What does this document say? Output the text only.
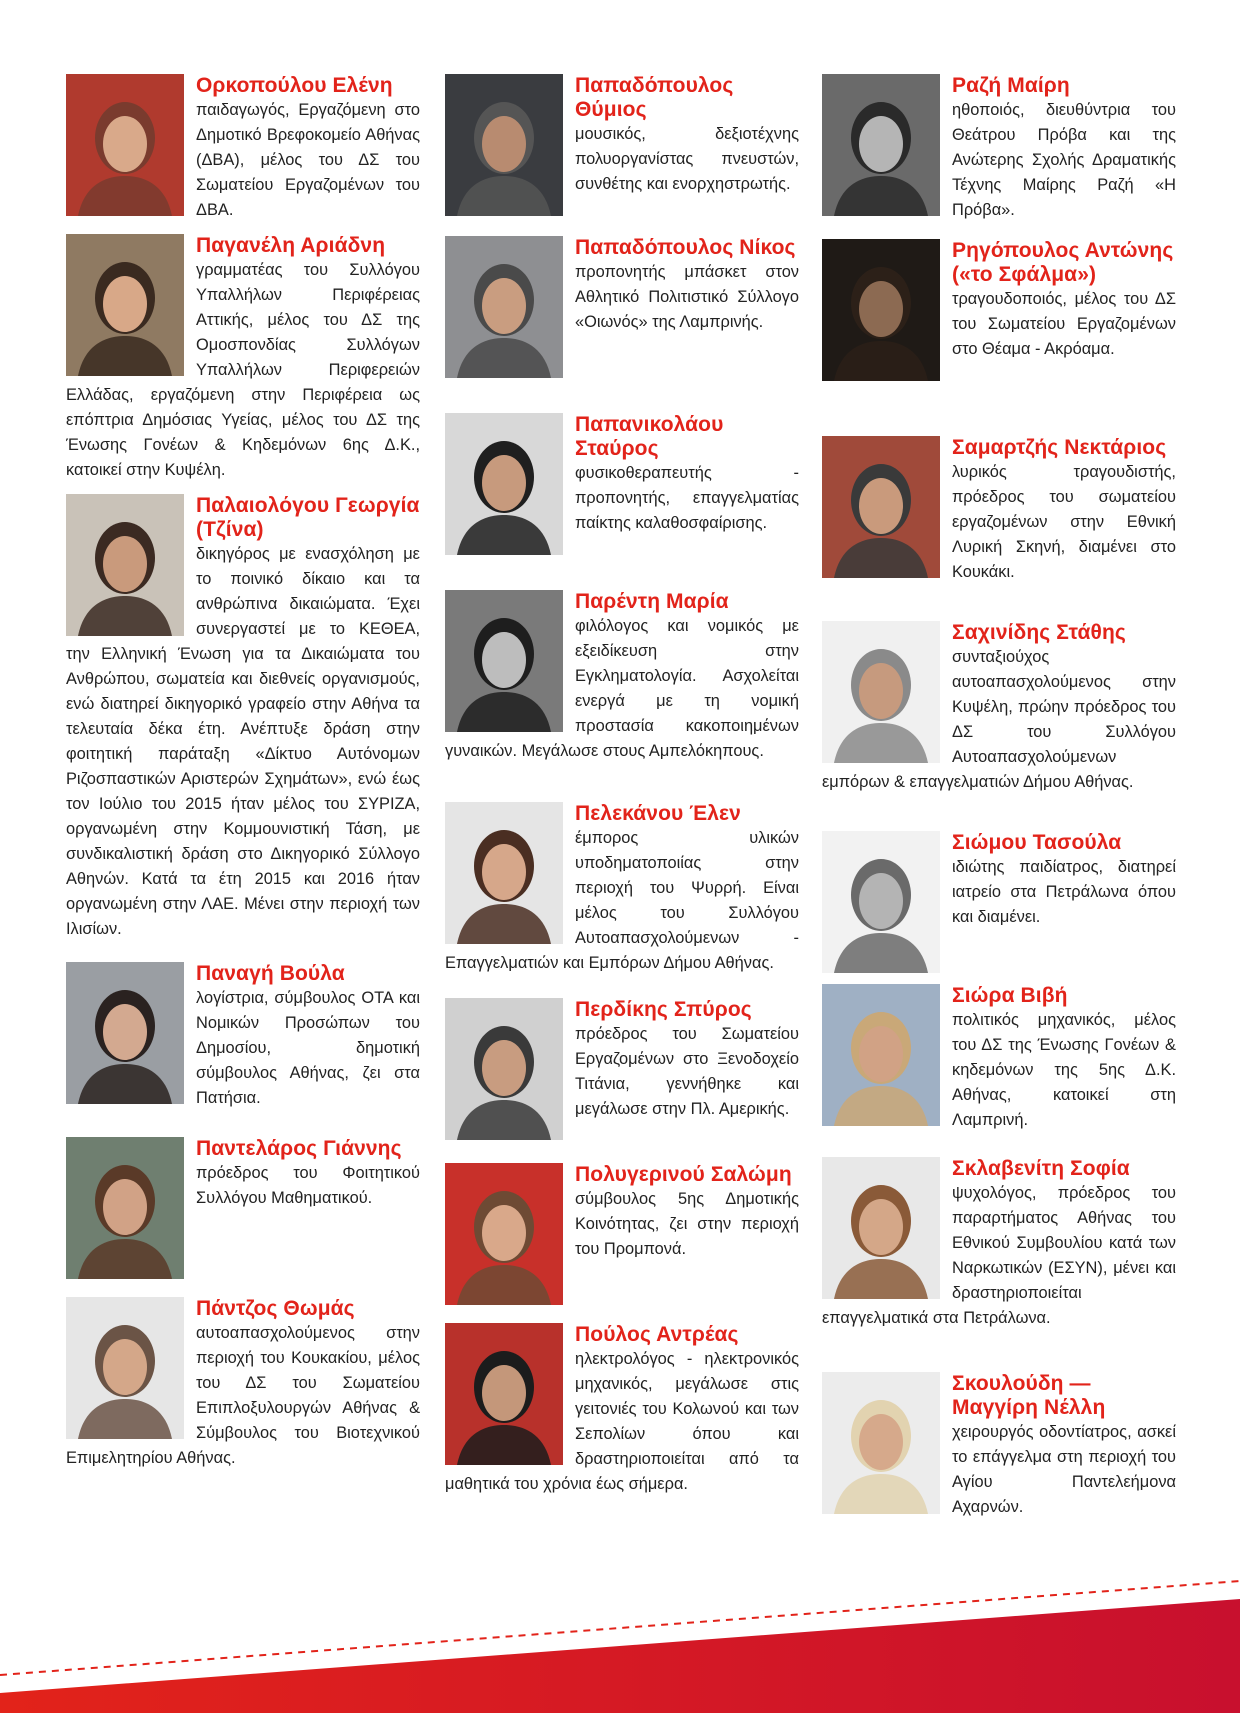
Ορκοπούλου Ελένη
παιδαγωγός, Εργαζόμενη στο Δημοτικό Βρεφοκομείο Αθήνας (ΔΒΑ), μέλος του ΔΣ του Σωματείου Εργαζομένων του ΔΒΑ.
Παγανέλη Αριάδνη
γραμματέας του Συλλόγου Υπαλλήλων Περιφέρειας Αττικής, μέλος του ΔΣ της Ομοσπονδίας Συλλόγων Υπαλλήλων Περιφερειών Ελλάδας, εργαζόμενη στην Περιφέρεια ως επόπτρια Δημόσιας Υγείας, μέλος του ΔΣ της Ένωσης Γονέων & Κηδεμόνων 6ης Δ.Κ., κατοικεί στην Κυψέλη.
Παλαιολόγου Γεωργία (Τζίνα)
δικηγόρος με ενασχόληση με το ποινικό δίκαιο και τα ανθρώπινα δικαιώματα. Έχει συνεργαστεί με το ΚΕΘΕΑ, την Ελληνική Ένωση για τα Δικαιώματα του Ανθρώπου, σωματεία και διεθνείς οργανισμούς, ενώ διατηρεί δικηγορικό γραφείο στην Αθήνα τα τελευταία δέκα έτη. Ανέπτυξε δράση στην φοιτητική παράταξη «Δίκτυο Αυτόνομων Ριζοσπαστικών Αριστερών Σχημάτων», ενώ έως τον Ιούλιο του 2015 ήταν μέλος του ΣΥΡΙΖΑ, οργανωμένη στην Κομμουνιστική Τάση, με συνδικαλιστική δράση στο Δικηγορικό Σύλλογο Αθηνών. Κατά τα έτη 2015 και 2016 ήταν οργανωμένη στην ΛΑΕ. Μένει στην περιοχή των Ιλισίων.
Παναγή Βούλα
λογίστρια, σύμβουλος ΟΤΑ και Νομικών Προσώπων του Δημοσίου, δημοτική σύμβουλος Αθήνας, ζει στα Πατήσια.
Παντελάρος Γιάννης
πρόεδρος του Φοιτητικού Συλλόγου Μαθηματικού.
Πάντζος Θωμάς
αυτοαπασχολούμενος στην περιοχή του Κουκακίου, μέλος του ΔΣ του Σωματείου Επιπλοξυλουργών Αθήνας & Σύμβουλος του Βιοτεχνικού Επιμελητηρίου Αθήνας.
Παπαδόπουλος Θύμιος
μουσικός, δεξιοτέχνης πολυοργανίστας πνευστών, συνθέτης και ενορχηστρωτής.
Παπαδόπουλος Νίκος
προπονητής μπάσκετ στον Αθλητικό Πολιτιστικό Σύλλογο «Οιωνός» της Λαμπρινής.
Παπανικολάου Σταύρος
φυσικοθεραπευτής - προπονητής, επαγγελματίας παίκτης καλαθοσφαίρισης.
Παρέντη Μαρία
φιλόλογος και νομικός με εξειδίκευση στην Εγκληματολογία. Ασχολείται ενεργά με τη νομική προστασία κακοποιημένων γυναικών. Μεγάλωσε στους Αμπελόκηπους.
Πελεκάνου Έλεν
έμπορος υλικών υποδηματοποιίας στην περιοχή του Ψυρρή. Είναι μέλος του Συλλόγου Αυτοαπασχολούμενων - Επαγγελματιών και Εμπόρων Δήμου Αθήνας.
Περδίκης Σπύρος
πρόεδρος του Σωματείου Εργαζομένων στο Ξενοδοχείο Τιτάνια, γεννήθηκε και μεγάλωσε στην Πλ. Αμερικής.
Πολυγερινού Σαλώμη
σύμβουλος 5ης Δημοτικής Κοινότητας, ζει στην περιοχή του Προμπονά.
Πούλος Αντρέας
ηλεκτρολόγος - ηλεκτρονικός μηχανικός, μεγάλωσε στις γειτονιές του Κολωνού και των Σεπολίων όπου και δραστηριοποιείται από τα μαθητικά του χρόνια έως σήμερα.
Ραζή Μαίρη
ηθοποιός, διευθύντρια του Θεάτρου Πρόβα και της Ανώτερης Σχολής Δραματικής Τέχνης Μαίρης Ραζή «Η Πρόβα».
Ρηγόπουλος Αντώνης («το Σφάλμα»)
τραγουδοποιός, μέλος του ΔΣ του Σωματείου Εργαζομένων στο Θέαμα - Ακρόαμα.
Σαμαρτζής Νεκτάριος
λυρικός τραγουδιστής, πρόεδρος του σωματείου εργαζομένων στην Εθνική Λυρική Σκηνή, διαμένει στο Κουκάκι.
Σαχινίδης Στάθης
συνταξιούχος αυτοαπασχολούμενος στην Κυψέλη, πρώην πρόεδρος του ΔΣ του Συλλόγου Αυτοαπασχολούμενων εμπόρων & επαγγελματιών Δήμου Αθήνας.
Σιώμου Τασούλα
ιδιώτης παιδίατρος, διατηρεί ιατρείο στα Πετράλωνα όπου και διαμένει.
Σιώρα Βιβή
πολιτικός μηχανικός, μέλος του ΔΣ της Ένωσης Γονέων & κηδεμόνων της 5ης Δ.Κ. Αθήνας, κατοικεί στη Λαμπρινή.
Σκλαβενίτη Σοφία
ψυχολόγος, πρόεδρος του παραρτήματος Αθήνας του Εθνικού Συμβουλίου κατά των Ναρκωτικών (ΕΣΥΝ), μένει και δραστηριοποιείται επαγγελματικά στα Πετράλωνα.
Σκουλούδη — Μαγγίρη Νέλλη
χειρουργός οδοντίατρος, ασκεί το επάγγελμα στη περιοχή του Αγίου Παντελεήμονα Αχαρνών.
